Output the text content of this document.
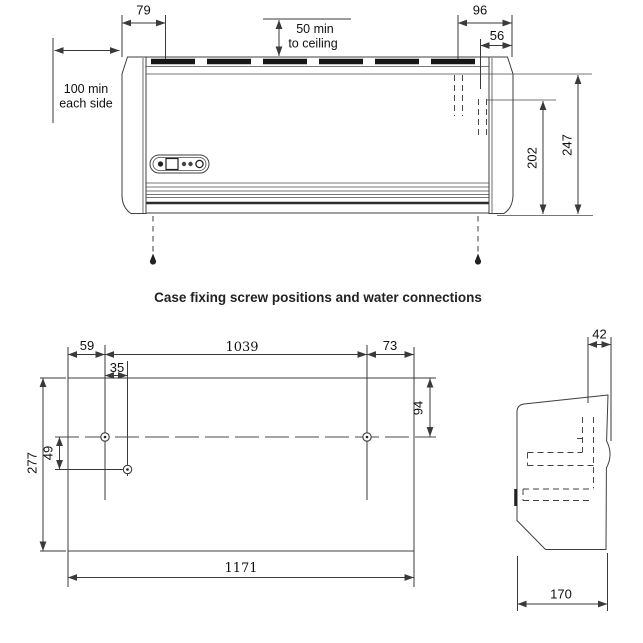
100 min
each side
50 min
to ceiling
79	96
56
202
247
Case fixing screw positions and water connections
59	1039	73
35
277 49
94
1171
42
170
